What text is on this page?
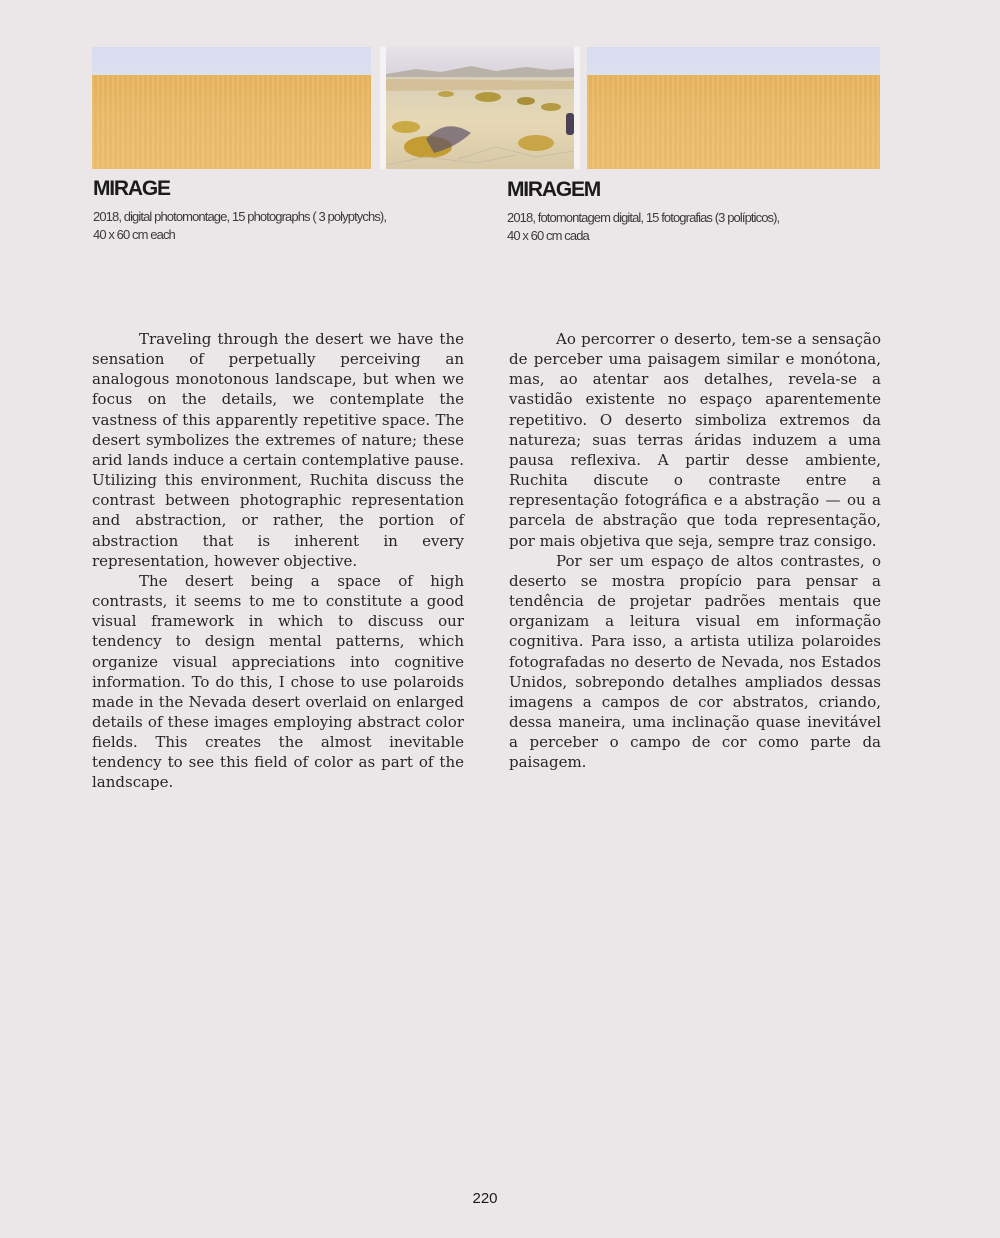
MIRAGE
2018, digital photomontage, 15 photographs ( 3 polyptychs),
40 x 60 cm each
MIRAGEM
2018, fotomontagem digital, 15 fotografias (3 polípticos),
40 x 60 cm cada

Traveling through the desert we have the sensation of perpetually perceiving an analogous monotonous landscape, but when we focus on the details, we contemplate the vastness of this apparently repetitive space. The desert symbolizes the extremes of nature; these arid lands induce a certain contemplative pause. Utilizing this environment, Ruchita discuss the contrast between photographic representation and abstraction, or rather, the portion of abstraction that is inherent in every representation, however objective.

The desert being a space of high contrasts, it seems to me to constitute a good visual framework in which to discuss our tendency to design mental patterns, which organize visual appreciations into cognitive information. To do this, I chose to use polaroids made in the Nevada desert overlaid on enlarged details of these images employing abstract color fields. This creates the almost inevitable tendency to see this field of color as part of the landscape.

Ao percorrer o deserto, tem-se a sensação de perceber uma paisagem similar e monótona, mas, ao atentar aos detalhes, revela-se a vastidão existente no espaço aparentemente repetitivo. O deserto simboliza extremos da natureza; suas terras áridas induzem a uma pausa reflexiva. A partir desse ambiente, Ruchita discute o contraste entre a representação fotográfica e a abstração — ou a parcela de abstração que toda representação, por mais objetiva que seja, sempre traz consigo.

Por ser um espaço de altos contrastes, o deserto se mostra propício para pensar a tendência de projetar padrões mentais que organizam a leitura visual em informação cognitiva. Para isso, a artista utiliza polaroides fotografadas no deserto de Nevada, nos Estados Unidos, sobrepondo detalhes ampliados dessas imagens a campos de cor abstratos, criando, dessa maneira, uma inclinação quase inevitável a perceber o campo de cor como parte da paisagem.

220
